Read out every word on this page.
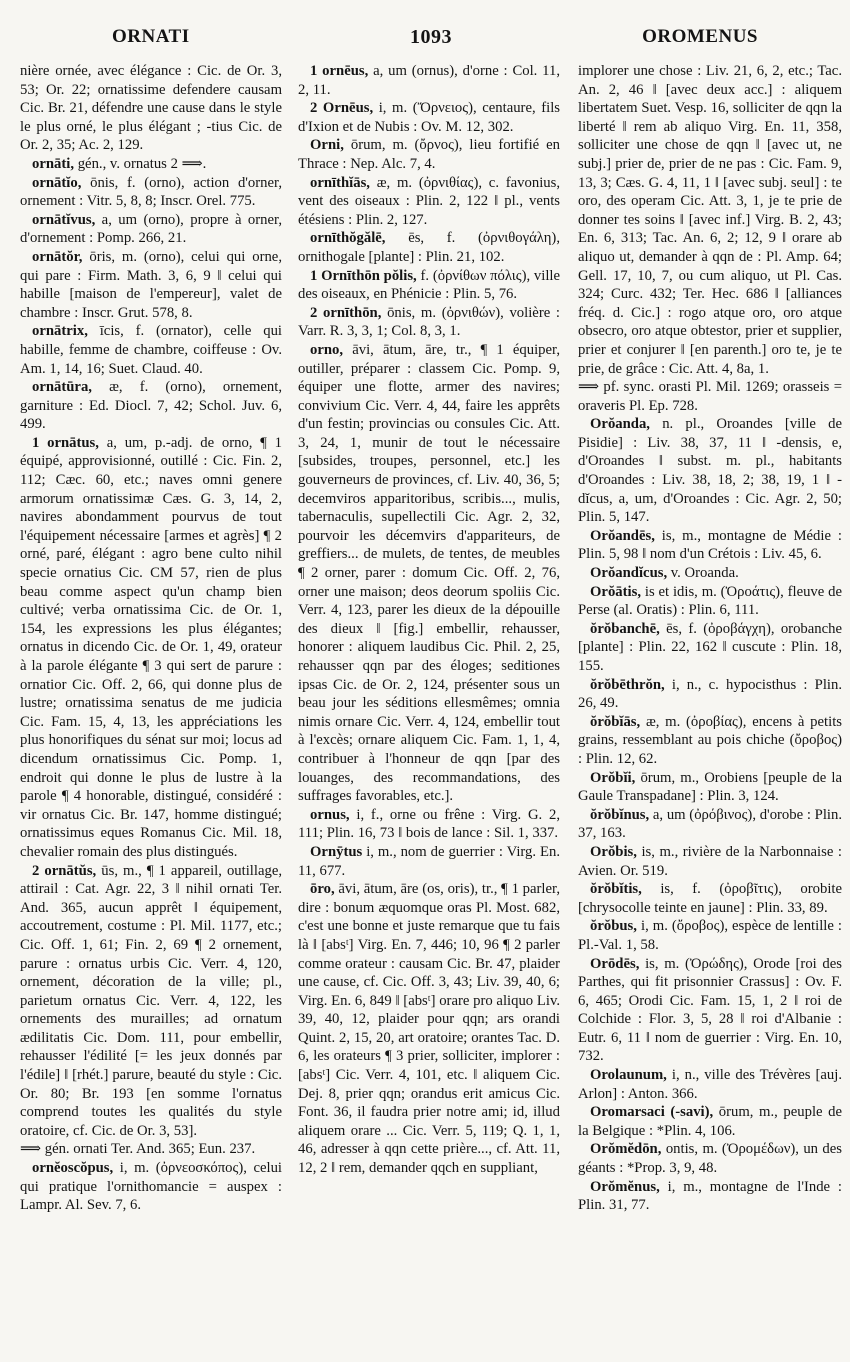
ORNATI	1093	OROMENUS

nière ornée, avec élégance : Cic. de Or. 3, 53; Or. 22; ornatissime defendere causam Cic. Br. 21, défendre une cause dans le style le plus orné, le plus élégant ; -tius Cic. de Or. 2, 35; Ac. 2, 129.

ornāti, gén., v. ornatus 2 ⟹.

ornātĭo, ōnis, f. (orno), action d'orner, ornement : Vitr. 5, 8, 8; Inscr. Orel. 775.

ornātĭvus, a, um (orno), propre à orner, d'ornement : Pomp. 266, 21.

ornātŏr, ōris, m. (orno), celui qui orne, qui pare : Firm. Math. 3, 6, 9 ‖ celui qui habille [maison de l'empereur], valet de chambre : Inscr. Grut. 578, 8.

ornātrix, īcis, f. (ornator), celle qui habille, femme de chambre, coiffeuse : Ov. Am. 1, 14, 16; Suet. Claud. 40.

ornātūra, æ, f. (orno), ornement, garniture : Ed. Diocl. 7, 42; Schol. Juv. 6, 499.

1 ornātus, a, um, p.-adj. de orno, ¶ 1 équipé, approvisionné, outillé : Cic. Fin. 2, 112; Cæc. 60, etc.; naves omni genere armorum ornatissimæ Cæs. G. 3, 14, 2, navires abondamment pourvus de tout l'équipement nécessaire [armes et agrès] ¶ 2 orné, paré, élégant : agro bene cultо nihil specie ornatius Cic. CM 57, rien de plus beau comme aspect qu'un champ bien cultivé; verba ornatissima Cic. de Or. 1, 154, les expressions les plus élégantes; ornatus in dicendo Cic. de Or. 1, 49, orateur à la parole élégante ¶ 3 qui sert de parure : ornatior Cic. Off. 2, 66, qui donne plus de lustre; ornatissima senatus de me judicia Cic. Fam. 15, 4, 13, les appréciations les plus honorifiques du sénat sur moi; locus ad dicendum ornatissimus Cic. Pomp. 1, endroit qui donne le plus de lustre à la parole ¶ 4 honorable, distingué, considéré : vir ornatus Cic. Br. 147, homme distingué; ornatissimus eques Romanus Cic. Mil. 18, chevalier romain des plus distingués.

2 ornātŭs, ūs, m., ¶ 1 appareil, outillage, attirail : Cat. Agr. 22, 3 ‖ nihil ornati Ter. And. 365, aucun apprêt ‖ équipement, accoutrement, costume : Pl. Mil. 1177, etc.; Cic. Off. 1, 61; Fin. 2, 69 ¶ 2 ornement, parure : ornatus urbis Cic. Verr. 4, 120, ornement, décoration de la ville; pl., parietum ornatus Cic. Verr. 4, 122, les ornements des murailles; ad ornatum ædilitatis Cic. Dom. 111, pour embellir, rehausser l'édilité [= les jeux donnés par l'édile] ‖ [rhét.] parure, beauté du style : Cic. Or. 80; Br. 193 [en somme l'ornatus comprend toutes les qualités du style oratoire, cf. Cic. de Or. 3, 53].

⟹ gén. ornati Ter. And. 365; Eun. 237.

ornĕoscŏpus, i, m. (ὀρνεοσκόπος), celui qui pratique l'ornithomancie = auspex : Lampr. Al. Sev. 7, 6.

1 ornēus, a, um (ornus), d'orne : Col. 11, 2, 11.

2 Ornēus, i, m. (Ὄρνειος), centaure, fils d'Ixion et de Nubis : Ov. M. 12, 302.

Orni, ōrum, m. (ὄρνος), lieu fortifié en Thrace : Nep. Alc. 7, 4.

ornīthĭās, æ, m. (ὀρνιθίας), c. favonius, vent des oiseaux : Plin. 2, 122 ‖ pl., vents étésiens : Plin. 2, 127.

ornīthŏgălē, ēs, f. (ὀρνιθογάλη), ornithogale [plante] : Plin. 21, 102.

1 Ornīthōn pŏlis, f. (ὀρνίθων πόλις), ville des oiseaux, en Phénicie : Plin. 5, 76.

2 ornīthōn, ōnis, m. (ὀρνιθών), volière : Varr. R. 3, 3, 1; Col. 8, 3, 1.

orno, āvi, ātum, āre, tr., ¶ 1 équiper, outiller, préparer : classem Cic. Pomp. 9, équiper une flotte, armer des navires; convivium Cic. Verr. 4, 44, faire les apprêts d'un festin; provincias ou consules Cic. Att. 3, 24, 1, munir de tout le nécessaire [subsides, troupes, personnel, etc.] les gouverneurs de provinces, cf. Liv. 40, 36, 5; decemviros apparitoribus, scribis..., mulis, tabernaculis, supellectili Cic. Agr. 2, 32, pourvoir les décemvirs d'appariteurs, de greffiers... de mulets, de tentes, de meubles ¶ 2 orner, parer : domum Cic. Off. 2, 76, orner une maison; deos deorum spoliis Cic. Verr. 4, 123, parer les dieux de la dépouille des dieux ‖ [fig.] embellir, rehausser, honorer : aliquem laudibus Cic. Phil. 2, 25, rehausser qqn par des éloges; seditiones ipsas Cic. de Or. 2, 124, présenter sous un beau jour les séditions ellesmêmes; omnia nimis ornare Cic. Verr. 4, 124, embellir tout à l'excès; ornare aliquem Cic. Fam. 1, 1, 4, contribuer à l'honneur de qqn [par des louanges, des recommandations, des suffrages favorables, etc.].

ornus, i, f., orne ou frêne : Virg. G. 2, 111; Plin. 16, 73 ‖ bois de lance : Sil. 1, 337.

Ornȳtus i, m., nom de guerrier : Virg. En. 11, 677.

ōro, āvi, ātum, āre (os, oris), tr., ¶ 1 parler, dire : bonum æquomque oras Pl. Most. 682, c'est une bonne et juste remarque que tu fais là ‖ [absᵗ] Virg. En. 7, 446; 10, 96 ¶ 2 parler comme orateur : causam Cic. Br. 47, plaider une cause, cf. Cic. Off. 3, 43; Liv. 39, 40, 6; Virg. En. 6, 849 ‖ [absᵗ] orare pro aliquo Liv. 39, 40, 12, plaider pour qqn; ars orandi Quint. 2, 15, 20, art oratoire; orantes Tac. D. 6, les orateurs ¶ 3 prier, solliciter, implorer : [absᵗ] Cic. Verr. 4, 101, etc. ‖ aliquem Cic. Dej. 8, prier qqn; orandus erit amicus Cic. Font. 36, il faudra prier notre ami; id, illud aliquem orare ... Cic. Verr. 5, 119; Q. 1, 1, 46, adresser à qqn cette prière..., cf. Att. 11, 12, 2 ‖ rem, demander qqch en suppliant,

implorer une chose : Liv. 21, 6, 2, etc.; Tac. An. 2, 46 ‖ [avec deux acc.] : aliquem libertatem Suet. Vesp. 16, solliciter de qqn la liberté ‖ rem ab aliquo Virg. En. 11, 358, solliciter une chose de qqn ‖ [avec ut, ne subj.] prier de, prier de ne pas : Cic. Fam. 9, 13, 3; Cæs. G. 4, 11, 1 ‖ [avec subj. seul] : te oro, des operam Cic. Att. 3, 1, je te prie de donner tes soins ‖ [avec inf.] Virg. B. 2, 43; En. 6, 313; Tac. An. 6, 2; 12, 9 ‖ orare ab aliquo ut, demander à qqn de : Pl. Amp. 64; Gell. 17, 10, 7, ou cum aliquo, ut Pl. Cas. 324; Curc. 432; Ter. Hec. 686 ‖ [alliances fréq. d. Cic.] : rogo atque oro, oro atque obsecro, oro atque obtestor, prier et supplier, prier et conjurer ‖ [en parenth.] oro te, je te prie, de grâce : Cic. Att. 4, 8a, 1.

⟹ pf. sync. orasti Pl. Mil. 1269; orasseis = oraveris Pl. Ep. 728.

Orŏanda, n. pl., Oroandes [ville de Pisidie] : Liv. 38, 37, 11 ‖ -densis, e, d'Oroandes ‖ subst. m. pl., habitants d'Oroandes : Liv. 38, 18, 2; 38, 19, 1 ‖ -dĭcus, a, um, d'Oroandes : Cic. Agr. 2, 50; Plin. 5, 147.

Orŏandēs, is, m., montagne de Médie : Plin. 5, 98 ‖ nom d'un Crétois : Liv. 45, 6.

Orŏandĭcus, v. Oroanda.

Orŏātis, is et idis, m. (Ὀροάτις), fleuve de Perse (al. Oratis) : Plin. 6, 111.

ŏrŏbanchē, ēs, f. (ὀροβάγχη), orobanche [plante] : Plin. 22, 162 ‖ cuscute : Plin. 18, 155.

ŏrŏbēthrŏn, i, n., c. hypocisthus : Plin. 26, 49.

ŏrŏbĭās, æ, m. (ὀροβίας), encens à petits grains, ressemblant au pois chiche (ὄροβος) : Plin. 12, 62.

Orŏbĭi, ōrum, m., Orobiens [peuple de la Gaule Transpadane] : Plin. 3, 124.

ŏrŏbĭnus, a, um (ὀρόβινος), d'orobe : Plin. 37, 163.

Orŏbis, is, m., rivière de la Narbonnaise : Avien. Or. 519.

ŏrŏbĭtis, is, f. (ὀροβῖτις), orobite [chrysocolle teinte en jaune] : Plin. 33, 89.

ŏrŏbus, i, m. (ὄροβος), espèce de lentille : Pl.-Val. 1, 58.

Orōdēs, is, m. (Ὀρώδης), Orode [roi des Parthes, qui fit prisonnier Crassus] : Ov. F. 6, 465; Orodi Cic. Fam. 15, 1, 2 ‖ roi de Colchide : Flor. 3, 5, 28 ‖ roi d'Albanie : Eutr. 6, 11 ‖ nom de guerrier : Virg. En. 10, 732.

Orolaunum, i, n., ville des Trévères [auj. Arlon] : Anton. 366.

Oromarsaci (-savi), ōrum, m., peuple de la Belgique : *Plin. 4, 106.

Orŏmĕdōn, ontis, m. (Ὀρομέδων), un des géants : *Prop. 3, 9, 48.

Orŏmĕnus, i, m., montagne de l'Inde : Plin. 31, 77.
